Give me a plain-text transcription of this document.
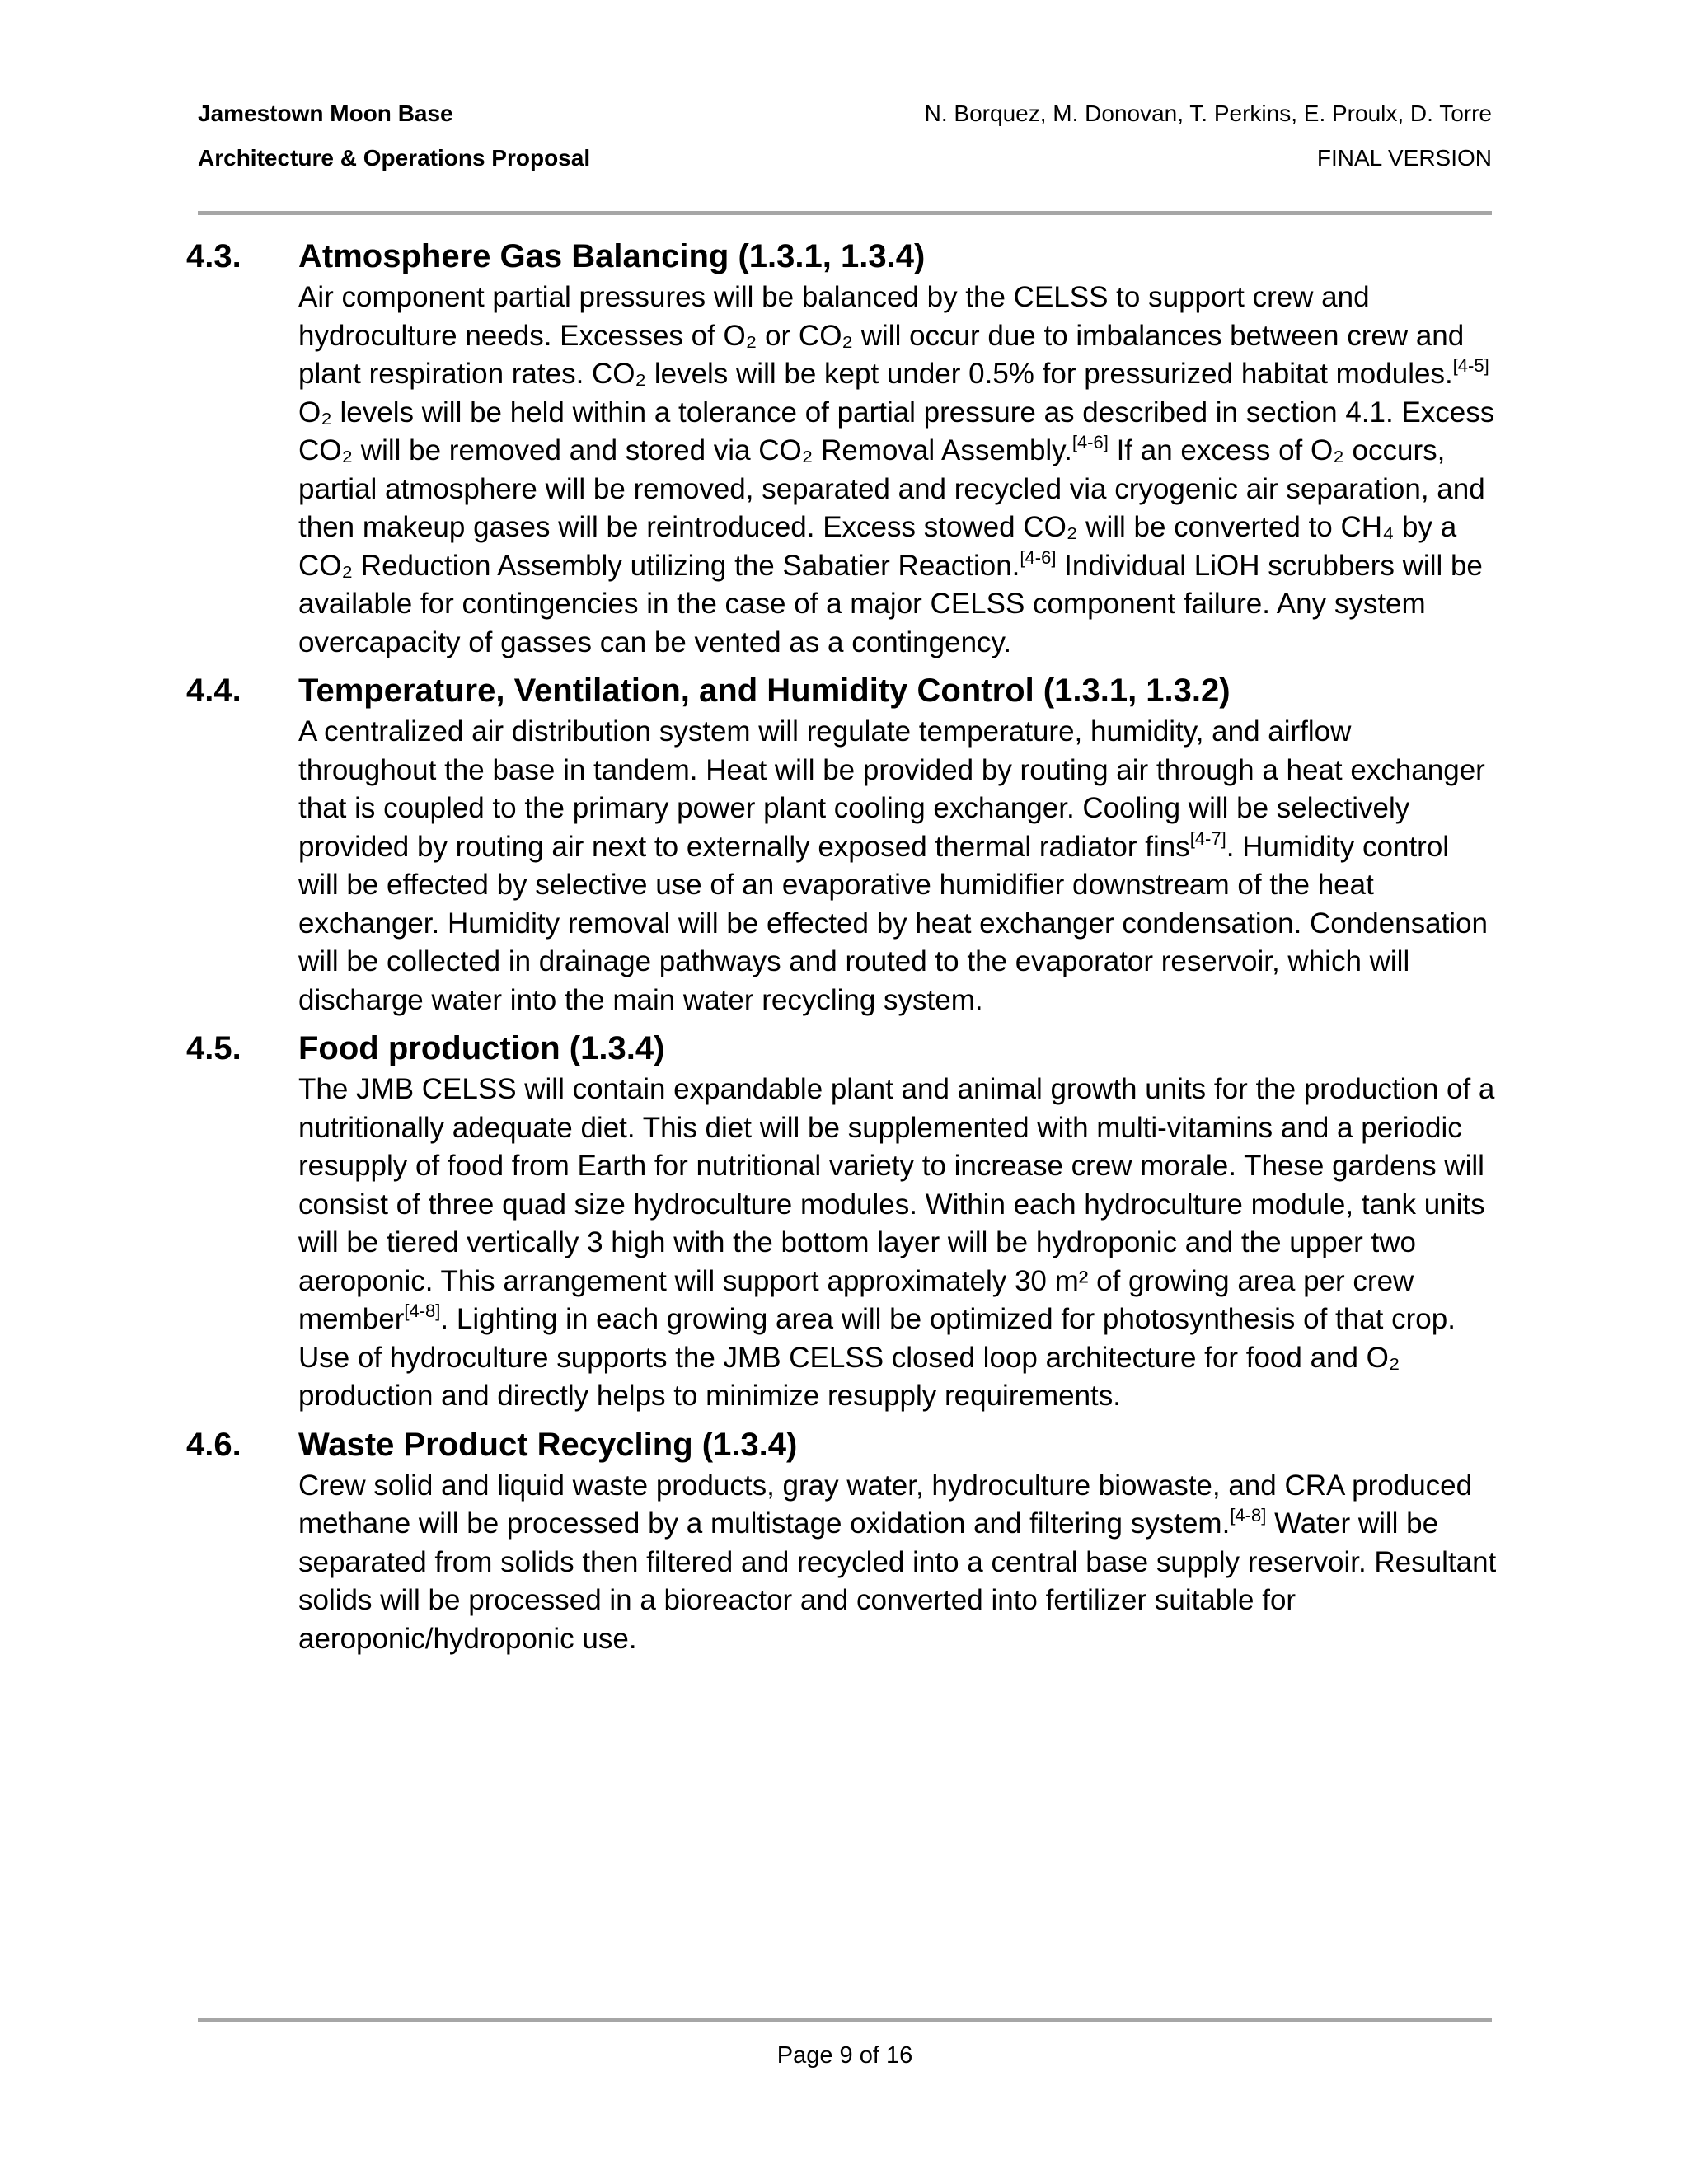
Jamestown Moon Base	N. Borquez, M. Donovan, T. Perkins, E. Proulx, D. Torre
Architecture & Operations Proposal	FINAL VERSION
4.3. Atmosphere Gas Balancing (1.3.1, 1.3.4)

Air component partial pressures will be balanced by the CELSS to support crew and hydroculture needs. Excesses of O₂ or CO₂ will occur due to imbalances between crew and plant respiration rates. CO₂ levels will be kept under 0.5% for pressurized habitat modules.[4-5] O₂ levels will be held within a tolerance of partial pressure as described in section 4.1. Excess CO₂ will be removed and stored via CO₂ Removal Assembly.[4-6] If an excess of O₂ occurs, partial atmosphere will be removed, separated and recycled via cryogenic air separation, and then makeup gases will be reintroduced. Excess stowed CO₂ will be converted to CH₄ by a CO₂ Reduction Assembly utilizing the Sabatier Reaction.[4-6] Individual LiOH scrubbers will be available for contingencies in the case of a major CELSS component failure. Any system overcapacity of gasses can be vented as a contingency.

4.4. Temperature, Ventilation, and Humidity Control (1.3.1, 1.3.2)

A centralized air distribution system will regulate temperature, humidity, and airflow throughout the base in tandem. Heat will be provided by routing air through a heat exchanger that is coupled to the primary power plant cooling exchanger. Cooling will be selectively provided by routing air next to externally exposed thermal radiator fins[4-7]. Humidity control will be effected by selective use of an evaporative humidifier downstream of the heat exchanger. Humidity removal will be effected by heat exchanger condensation. Condensation will be collected in drainage pathways and routed to the evaporator reservoir, which will discharge water into the main water recycling system.

4.5. Food production (1.3.4)

The JMB CELSS will contain expandable plant and animal growth units for the production of a nutritionally adequate diet. This diet will be supplemented with multi-vitamins and a periodic resupply of food from Earth for nutritional variety to increase crew morale. These gardens will consist of three quad size hydroculture modules. Within each hydroculture module, tank units will be tiered vertically 3 high with the bottom layer will be hydroponic and the upper two aeroponic. This arrangement will support approximately 30 m² of growing area per crew member[4-8]. Lighting in each growing area will be optimized for photosynthesis of that crop. Use of hydroculture supports the JMB CELSS closed loop architecture for food and O₂ production and directly helps to minimize resupply requirements.

4.6. Waste Product Recycling (1.3.4)

Crew solid and liquid waste products, gray water, hydroculture biowaste, and CRA produced methane will be processed by a multistage oxidation and filtering system.[4-8] Water will be separated from solids then filtered and recycled into a central base supply reservoir. Resultant solids will be processed in a bioreactor and converted into fertilizer suitable for aeroponic/hydroponic use.

Page 9 of 16
